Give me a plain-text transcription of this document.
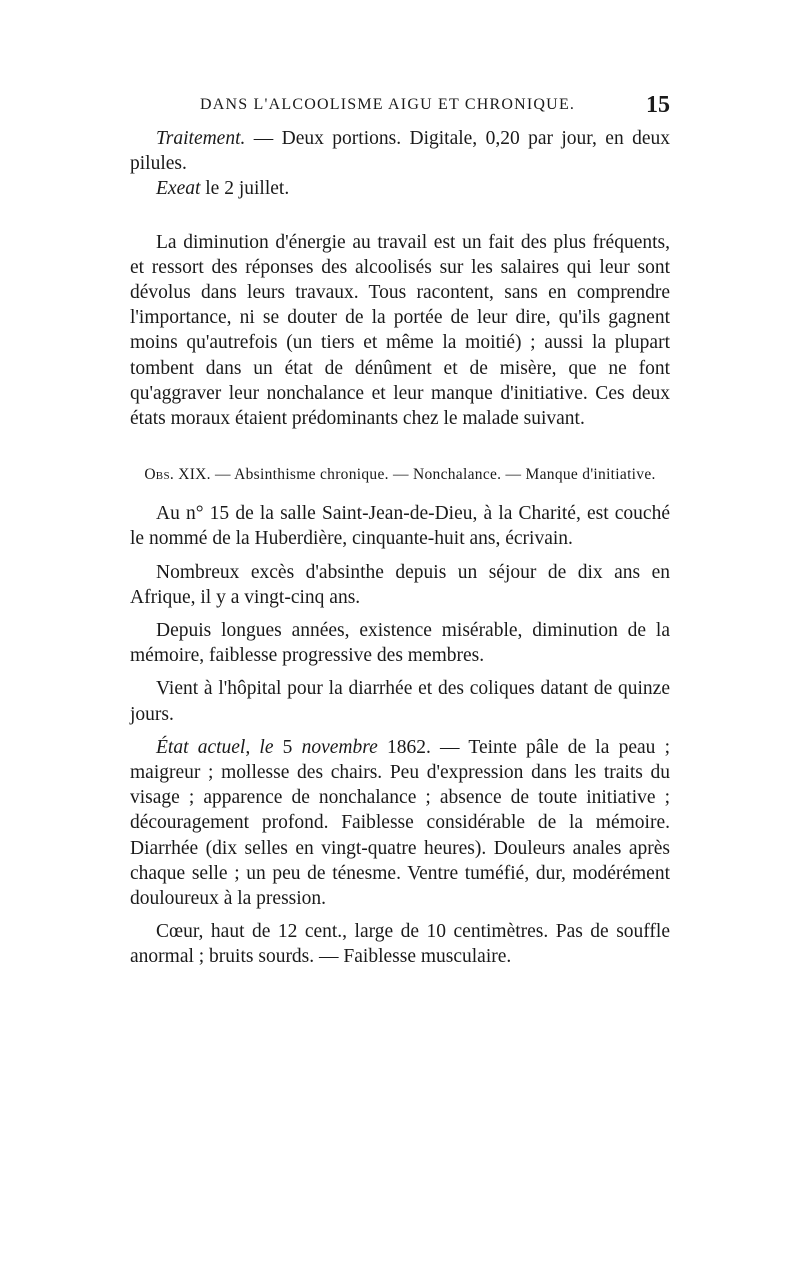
DANS L'ALCOOLISME AIGU ET CHRONIQUE.	15

Traitement. — Deux portions. Digitale, 0,20 par jour, en deux pilules.

Exeat le 2 juillet.

La diminution d'énergie au travail est un fait des plus fréquents, et ressort des réponses des alcoolisés sur les salaires qui leur sont dévolus dans leurs travaux. Tous racontent, sans en comprendre l'importance, ni se douter de la portée de leur dire, qu'ils gagnent moins qu'autrefois (un tiers et même la moitié) ; aussi la plupart tombent dans un état de dénûment et de misère, que ne font qu'aggraver leur nonchalance et leur manque d'initiative. Ces deux états moraux étaient prédominants chez le malade suivant.

Obs. XIX. — Absinthisme chronique. — Nonchalance. — Manque d'initiative.

Au n° 15 de la salle Saint-Jean-de-Dieu, à la Charité, est couché le nommé de la Huberdière, cinquante-huit ans, écrivain.

Nombreux excès d'absinthe depuis un séjour de dix ans en Afrique, il y a vingt-cinq ans.

Depuis longues années, existence misérable, diminution de la mémoire, faiblesse progressive des membres.

Vient à l'hôpital pour la diarrhée et des coliques datant de quinze jours.

État actuel, le 5 novembre 1862. — Teinte pâle de la peau ; maigreur ; mollesse des chairs. Peu d'expression dans les traits du visage ; apparence de nonchalance ; absence de toute initiative ; découragement profond. Faiblesse considérable de la mémoire. Diarrhée (dix selles en vingt-quatre heures). Douleurs anales après chaque selle ; un peu de ténesme. Ventre tuméfié, dur, modérément douloureux à la pression.

Cœur, haut de 12 cent., large de 10 centimètres. Pas de souffle anormal ; bruits sourds. — Faiblesse musculaire.
